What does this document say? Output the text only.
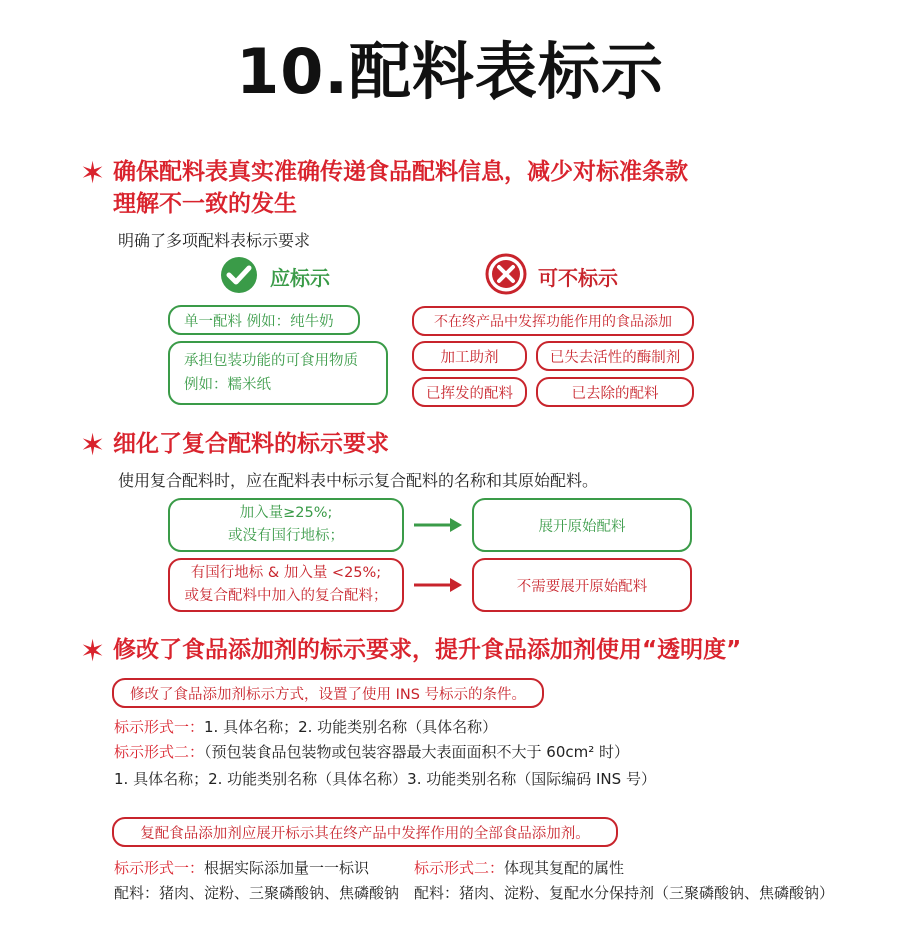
10.配料表标示
✶ 确保配料表真实准确传递食品配料信息，减少对标准条款
理解不一致的发生
明确了多项配料表标示要求
应标示	可不标示
单一配料 例如：纯牛奶
承担包装功能的可食用物质
例如：糯米纸
不在终产品中发挥功能作用的食品添加
加工助剂	已失去活性的酶制剂
已挥发的配料	已去除的配料
✶ 细化了复合配料的标示要求
使用复合配料时，应在配料表中标示复合配料的名称和其原始配料。
加入量≥25%;
或没有国行地标；
展开原始配料
有国行地标 & 加入量 <25%;
或复合配料中加入的复合配料；
不需要展开原始配料
✶ 修改了食品添加剂的标示要求，提升食品添加剂使用“透明度”
修改了食品添加剂标示方式，设置了使用 INS 号标示的条件。
标示形式一：1. 具体名称；2. 功能类别名称（具体名称）
标示形式二：（预包装食品包装物或包装容器最大表面面积不大于 60cm² 时）
1. 具体名称；2. 功能类别名称（具体名称）3. 功能类别名称（国际编码 INS 号）
复配食品添加剂应展开标示其在终产品中发挥作用的全部食品添加剂。
标示形式一：根据实际添加量一一标识
配料：猪肉、淀粉、三聚磷酸钠、焦磷酸钠
标示形式二：体现其复配的属性
配料：猪肉、淀粉、复配水分保持剂（三聚磷酸钠、焦磷酸钠）
